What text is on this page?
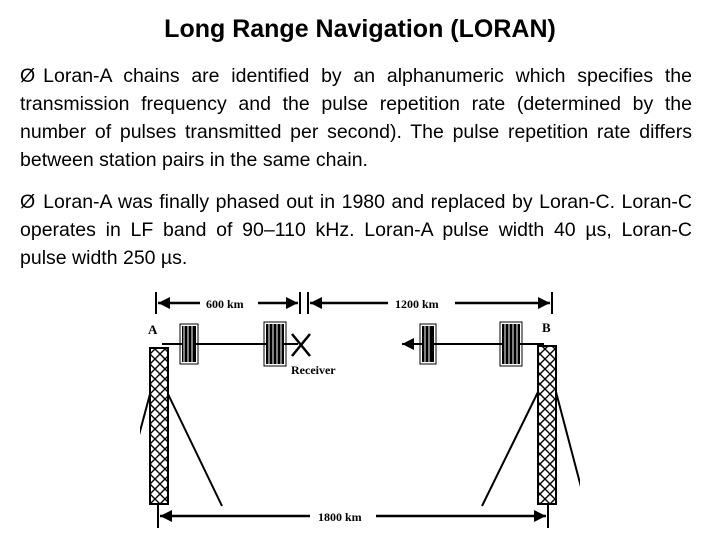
Long Range Navigation (LORAN)
Ø Loran-A chains are identified by an alphanumeric which specifies the transmission frequency and the pulse repetition rate (determined by the number of pulses transmitted per second). The pulse repetition rate differs between station pairs in the same chain.
Ø Loran-A was finally phased out in 1980 and replaced by Loran-C. Loran-C operates in LF band of 90–110 kHz. Loran-A pulse width 40 µs, Loran-C pulse width 250 µs.
600 km	1200 km
A	B
Receiver
1800 km
